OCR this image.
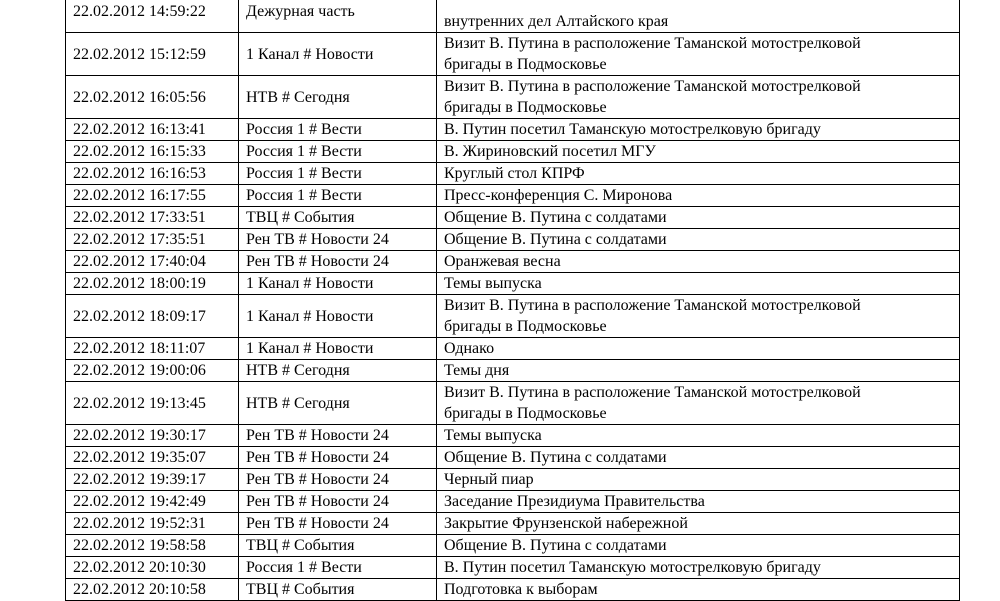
22.02.2012 14:59:22	Дежурная часть	внутренних дел Алтайского края
22.02.2012 15:12:59	1 Канал # Новости	Визит В. Путина в расположение Таманской мотострелковой
бригады в Подмосковье
22.02.2012 16:05:56	НТВ # Сегодня	Визит В. Путина в расположение Таманской мотострелковой
бригады в Подмосковье
22.02.2012 16:13:41	Россия 1 # Вести	В. Путин посетил Таманскую мотострелковую бригаду
22.02.2012 16:15:33	Россия 1 # Вести	В. Жириновский посетил МГУ
22.02.2012 16:16:53	Россия 1 # Вести	Круглый стол КПРФ
22.02.2012 16:17:55	Россия 1 # Вести	Пресс-конференция С. Миронова
22.02.2012 17:33:51	ТВЦ # События	Общение В. Путина с солдатами
22.02.2012 17:35:51	Рен ТВ # Новости 24	Общение В. Путина с солдатами
22.02.2012 17:40:04	Рен ТВ # Новости 24	Оранжевая весна
22.02.2012 18:00:19	1 Канал # Новости	Темы выпуска
22.02.2012 18:09:17	1 Канал # Новости	Визит В. Путина в расположение Таманской мотострелковой
бригады в Подмосковье
22.02.2012 18:11:07	1 Канал # Новости	Однако
22.02.2012 19:00:06	НТВ # Сегодня	Темы дня
22.02.2012 19:13:45	НТВ # Сегодня	Визит В. Путина в расположение Таманской мотострелковой
бригады в Подмосковье
22.02.2012 19:30:17	Рен ТВ # Новости 24	Темы выпуска
22.02.2012 19:35:07	Рен ТВ # Новости 24	Общение В. Путина с солдатами
22.02.2012 19:39:17	Рен ТВ # Новости 24	Черный пиар
22.02.2012 19:42:49	Рен ТВ # Новости 24	Заседание Президиума Правительства
22.02.2012 19:52:31	Рен ТВ # Новости 24	Закрытие Фрунзенской набережной
22.02.2012 19:58:58	ТВЦ # События	Общение В. Путина с солдатами
22.02.2012 20:10:30	Россия 1 # Вести	В. Путин посетил Таманскую мотострелковую бригаду
22.02.2012 20:10:58	ТВЦ # События	Подготовка к выборам
